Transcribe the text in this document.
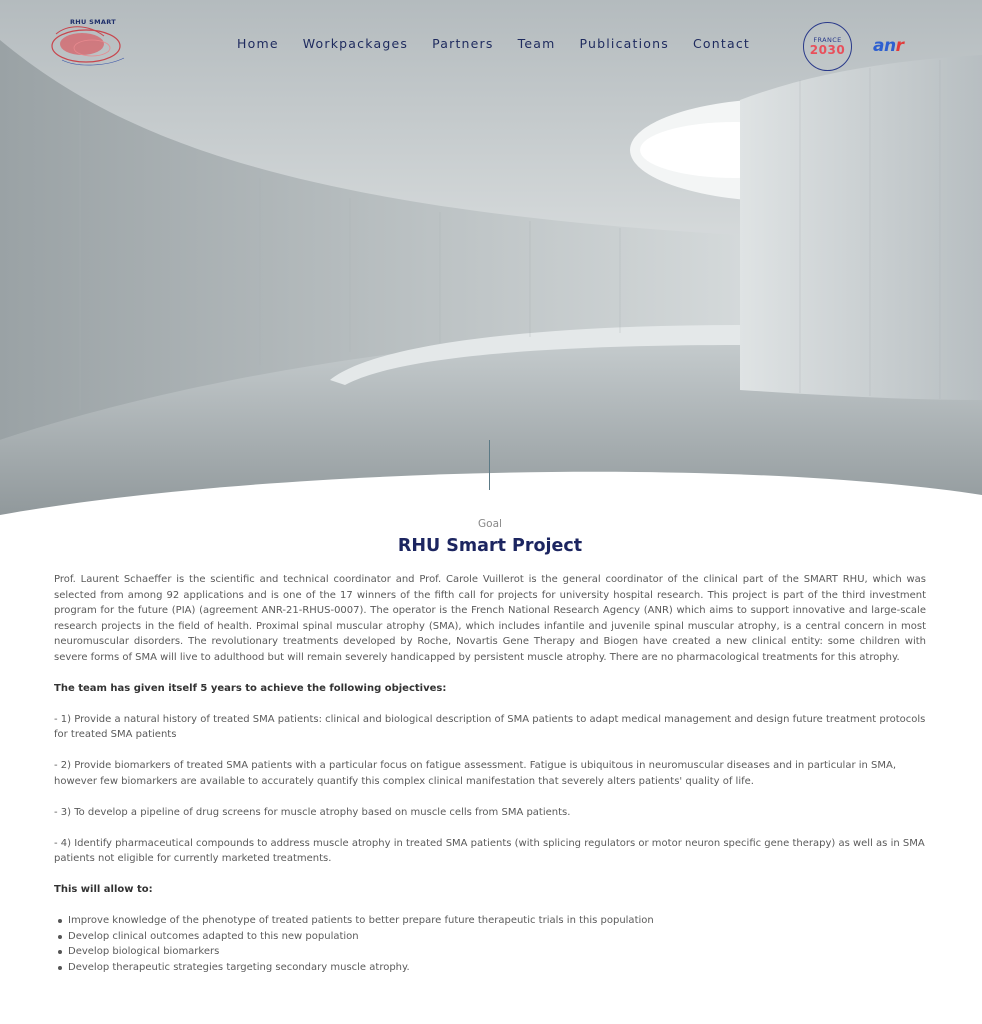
RHU SMART
Home Workpackages Partners Team Publications Contact	FRANCE
2030	anr
Goal
RHU Smart Project

Prof. Laurent Schaeffer is the scientific and technical coordinator and Prof. Carole Vuillerot is the general coordinator of the clinical part of the SMART RHU, which was selected from among 92 applications and is one of the 17 winners of the fifth call for projects for university hospital research. This project is part of the third investment program for the future (PIA) (agreement ANR-21-RHUS-0007). The operator is the French National Research Agency (ANR) which aims to support innovative and large-scale research projects in the field of health. Proximal spinal muscular atrophy (SMA), which includes infantile and juvenile spinal muscular atrophy, is a central concern in most neuromuscular disorders. The revolutionary treatments developed by Roche, Novartis Gene Therapy and Biogen have created a new clinical entity: some children with severe forms of SMA will live to adulthood but will remain severely handicapped by persistent muscle atrophy. There are no pharmacological treatments for this atrophy.

The team has given itself 5 years to achieve the following objectives:

- 1) Provide a natural history of treated SMA patients: clinical and biological description of SMA patients to adapt medical management and design future treatment protocols for treated SMA patients

- 2) Provide biomarkers of treated SMA patients with a particular focus on fatigue assessment. Fatigue is ubiquitous in neuromuscular diseases and in particular in SMA, however few biomarkers are available to accurately quantify this complex clinical manifestation that severely alters patients' quality of life.

- 3) To develop a pipeline of drug screens for muscle atrophy based on muscle cells from SMA patients.

- 4) Identify pharmaceutical compounds to address muscle atrophy in treated SMA patients (with splicing regulators or motor neuron specific gene therapy) as well as in SMA patients not eligible for currently marketed treatments.

This will allow to:

Improve knowledge of the phenotype of treated patients to better prepare future therapeutic trials in this population
Develop clinical outcomes adapted to this new population
Develop biological biomarkers
Develop therapeutic strategies targeting secondary muscle atrophy.
